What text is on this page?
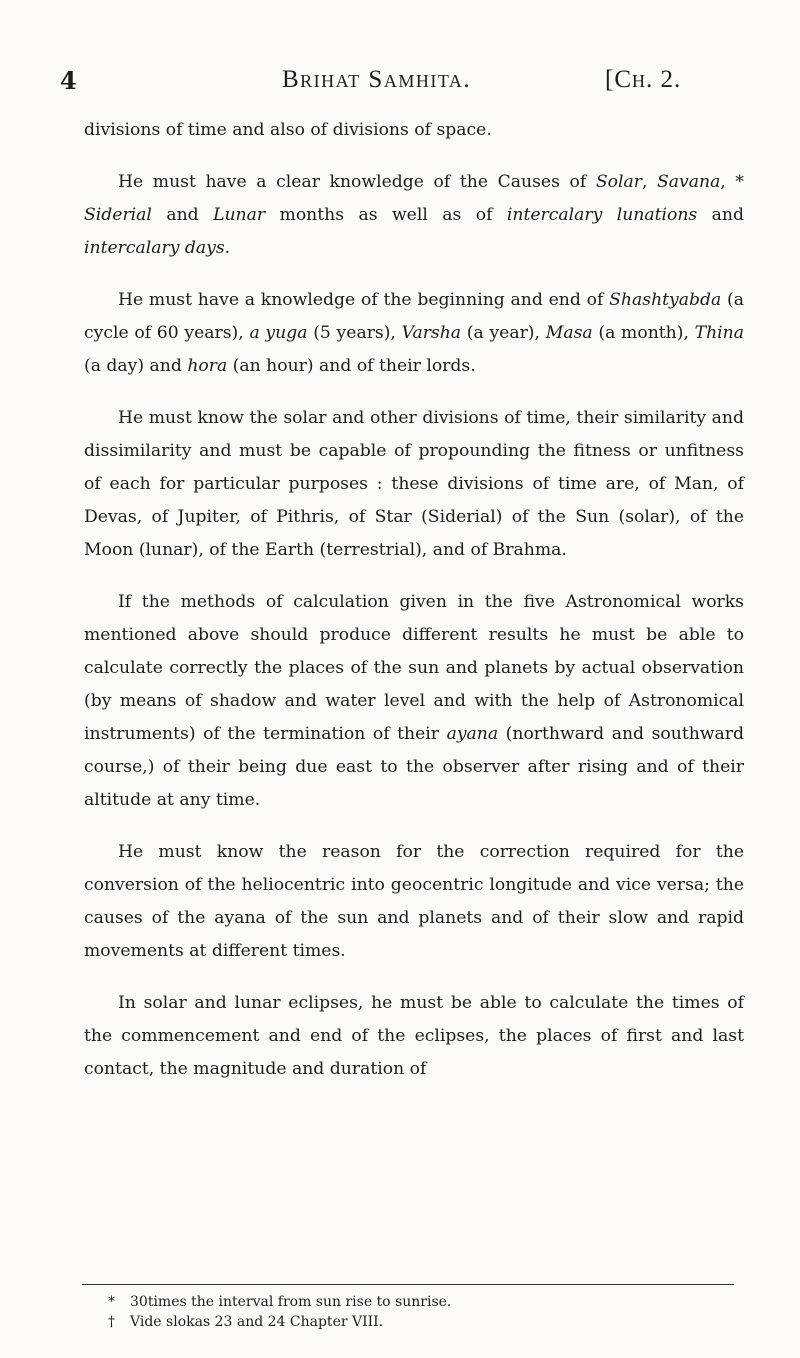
4	Brihat Samhita.	[Ch. 2.

divisions of time and also of divisions of space.

He must have a clear knowledge of the Causes of Solar, Savana, * Siderial and Lunar months as well as of intercalary lunations and intercalary days.

He must have a knowledge of the beginning and end of Shashtyabda (a cycle of 60 years), a yuga (5 years), Varsha (a year), Masa (a month), Thina (a day) and hora (an hour) and of their lords.

He must know the solar and other divisions of time, their similarity and dissimilarity and must be capable of propounding the fitness or unfitness of each for particular purposes : these divisions of time are, of Man, of Devas, of Jupiter, of Pithris, of Star (Siderial) of the Sun (solar), of the Moon (lunar), of the Earth (terrestrial), and of Brahma.

If the methods of calculation given in the five Astronomical works mentioned above should produce different results he must be able to calculate correctly the places of the sun and planets by actual observation (by means of shadow and water level and with the help of Astronomical instruments) of the termination of their ayana (northward and southward course,) of their being due east to the observer after rising and of their altitude at any time.

He must know the reason for the correction required for the conversion of the heliocentric into geocentric longitude and vice versa; the causes of the ayana of the sun and planets and of their slow and rapid movements at different times.

In solar and lunar eclipses, he must be able to calculate the times of the commencement and end of the eclipses, the places of first and last contact, the magnitude and duration of

* 30times the interval from sun rise to sunrise.
† Vide slokas 23 and 24 Chapter VIII.
